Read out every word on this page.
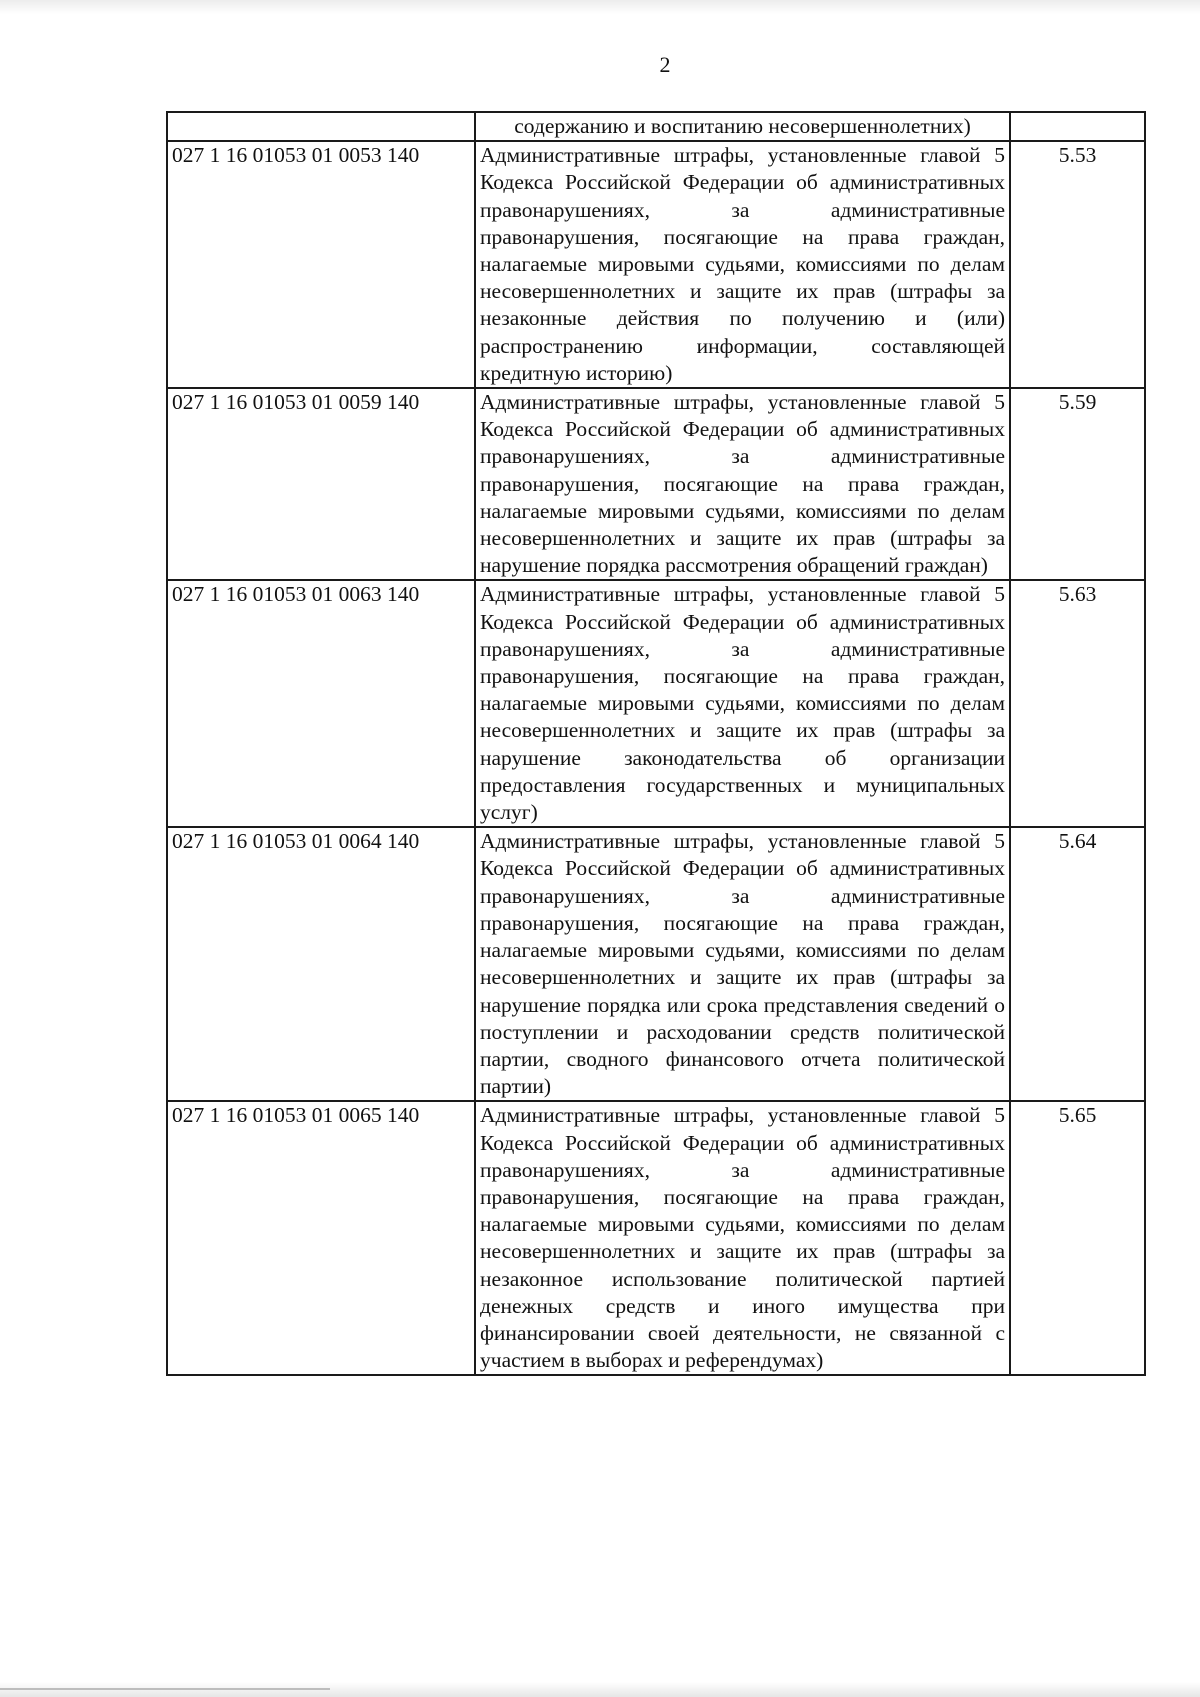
2
	содержанию и воспитанию несовершеннолетних)	
027 1 16 01053 01 0053 140	Административные штрафы, установленные главой 5 Кодекса Российской Федерации об административных правонарушениях, за административные правонарушения, посягающие на права граждан, налагаемые мировыми судьями, комиссиями по делам несовершеннолетних и защите их прав (штрафы за незаконные действия по получению и (или) распространению информации, составляющей кредитную историю)	5.53
027 1 16 01053 01 0059 140	Административные штрафы, установленные главой 5 Кодекса Российской Федерации об административных правонарушениях, за административные правонарушения, посягающие на права граждан, налагаемые мировыми судьями, комиссиями по делам несовершеннолетних и защите их прав (штрафы за нарушение порядка рассмотрения обращений граждан)	5.59
027 1 16 01053 01 0063 140	Административные штрафы, установленные главой 5 Кодекса Российской Федерации об административных правонарушениях, за административные правонарушения, посягающие на права граждан, налагаемые мировыми судьями, комиссиями по делам несовершеннолетних и защите их прав (штрафы за нарушение законодательства об организации предоставления государственных и муниципальных услуг)	5.63
027 1 16 01053 01 0064 140	Административные штрафы, установленные главой 5 Кодекса Российской Федерации об административных правонарушениях, за административные правонарушения, посягающие на права граждан, налагаемые мировыми судьями, комиссиями по делам несовершеннолетних и защите их прав (штрафы за нарушение порядка или срока представления сведений о поступлении и расходовании средств политической партии, сводного финансового отчета политической партии)	5.64
027 1 16 01053 01 0065 140	Административные штрафы, установленные главой 5 Кодекса Российской Федерации об административных правонарушениях, за административные правонарушения, посягающие на права граждан, налагаемые мировыми судьями, комиссиями по делам несовершеннолетних и защите их прав (штрафы за незаконное использование политической партией денежных средств и иного имущества при финансировании своей деятельности, не связанной с участием в выборах и референдумах)	5.65
